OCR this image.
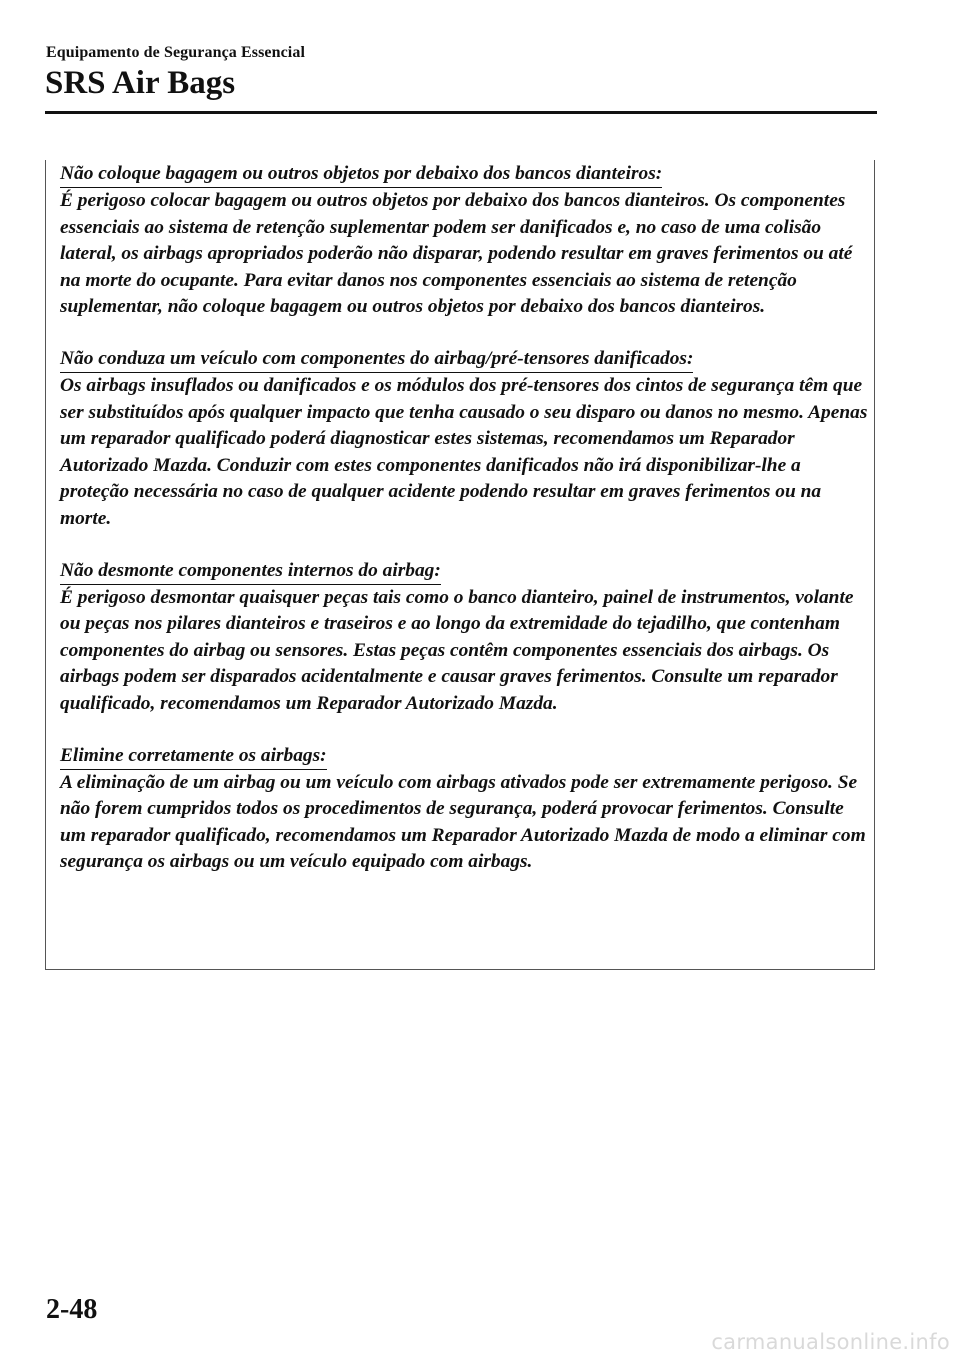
Equipamento de Segurança Essencial
SRS Air Bags
Não coloque bagagem ou outros objetos por debaixo dos bancos dianteiros:

É perigoso colocar bagagem ou outros objetos por debaixo dos bancos dianteiros. Os componentes essenciais ao sistema de retenção suplementar podem ser danificados e, no caso de uma colisão lateral, os airbags apropriados poderão não disparar, podendo resultar em graves ferimentos ou até na morte do ocupante. Para evitar danos nos componentes essenciais ao sistema de retenção suplementar, não coloque bagagem ou outros objetos por debaixo dos bancos dianteiros.

Não conduza um veículo com componentes do airbag/pré-tensores danificados:

Os airbags insuflados ou danificados e os módulos dos pré-tensores dos cintos de segurança têm que ser substituídos após qualquer impacto que tenha causado o seu disparo ou danos no mesmo. Apenas um reparador qualificado poderá diagnosticar estes sistemas, recomendamos um Reparador Autorizado Mazda. Conduzir com estes componentes danificados não irá disponibilizar-lhe a proteção necessária no caso de qualquer acidente podendo resultar em graves ferimentos ou na morte.

Não desmonte componentes internos do airbag:

É perigoso desmontar quaisquer peças tais como o banco dianteiro, painel de instrumentos, volante ou peças nos pilares dianteiros e traseiros e ao longo da extremidade do tejadilho, que contenham componentes do airbag ou sensores. Estas peças contêm componentes essenciais dos airbags. Os airbags podem ser disparados acidentalmente e causar graves ferimentos. Consulte um reparador qualificado, recomendamos um Reparador Autorizado Mazda.

Elimine corretamente os airbags:

A eliminação de um airbag ou um veículo com airbags ativados pode ser extremamente perigoso. Se não forem cumpridos todos os procedimentos de segurança, poderá provocar ferimentos. Consulte um reparador qualificado, recomendamos um Reparador Autorizado Mazda de modo a eliminar com segurança os airbags ou um veículo equipado com airbags.

2-48
carmanualsonline.info
